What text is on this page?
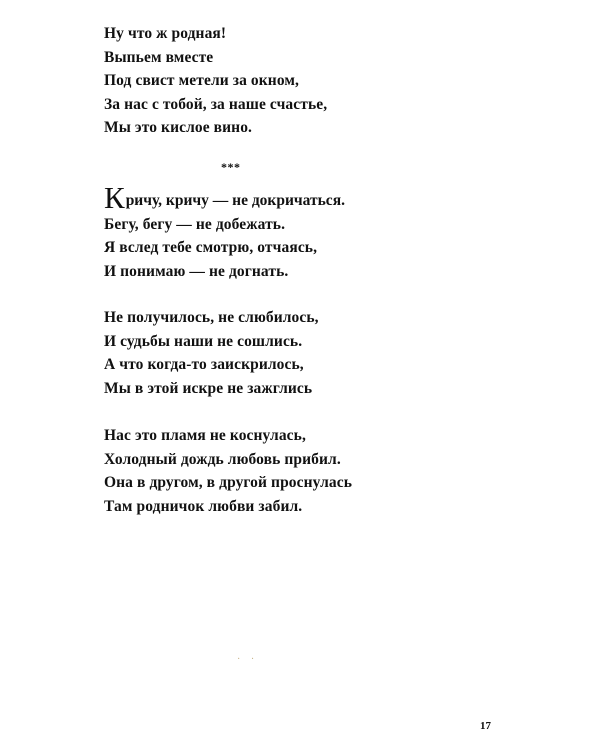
Ну что ж родная!
Выпьем вместе
Под свист метели за окном,
За нас с тобой, за наше счастье,
Мы это кислое вино.
***
Кричу, кричу — не докричаться.
Бегу, бегу — не добежать.
Я вслед тебе смотрю, отчаясь,
И понимаю — не догнать.
Не получилось, не слюбилось,
И судьбы наши не сошлись.
А что когда-то заискрилось,
Мы в этой искре не зажглись
Нас это пламя не коснулась,
Холодный дождь любовь прибил.
Она в другом, в другой проснулась
Там родничок любви забил.
· ·
17
